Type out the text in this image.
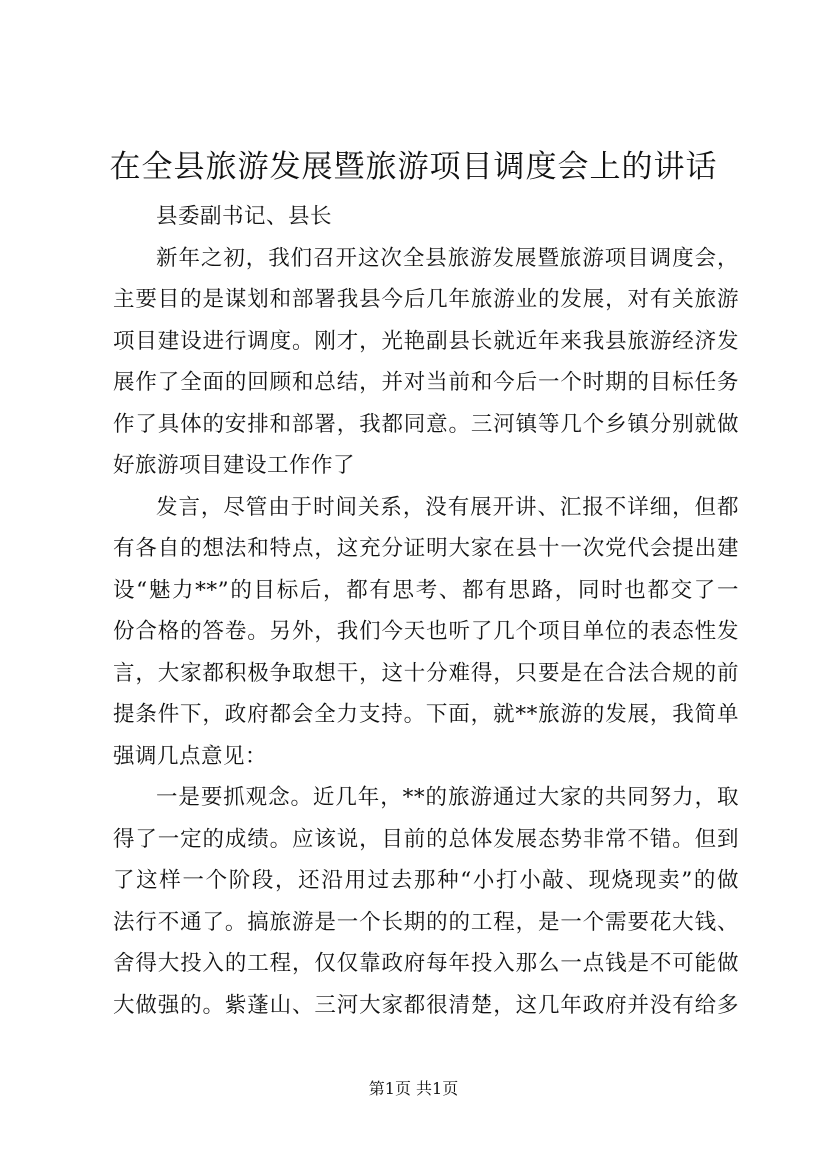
在全县旅游发展暨旅游项目调度会上的讲话
县委副书记、县长
新年之初，我们召开这次全县旅游发展暨旅游项目调度会，
主要目的是谋划和部署我县今后几年旅游业的发展，对有关旅游
项目建设进行调度。刚才，光艳副县长就近年来我县旅游经济发
展作了全面的回顾和总结，并对当前和今后一个时期的目标任务
作了具体的安排和部署，我都同意。三河镇等几个乡镇分别就做
好旅游项目建设工作作了
发言，尽管由于时间关系，没有展开讲、汇报不详细，但都
有各自的想法和特点，这充分证明大家在县十一次党代会提出建
设“魅力**”的目标后，都有思考、都有思路，同时也都交了一
份合格的答卷。另外，我们今天也听了几个项目单位的表态性发
言，大家都积极争取想干，这十分难得，只要是在合法合规的前
提条件下，政府都会全力支持。下面，就**旅游的发展，我简单
强调几点意见：
一是要抓观念。近几年，**的旅游通过大家的共同努力，取
得了一定的成绩。应该说，目前的总体发展态势非常不错。但到
了这样一个阶段，还沿用过去那种“小打小敲、现烧现卖”的做
法行不通了。搞旅游是一个长期的的工程，是一个需要花大钱、
舍得大投入的工程，仅仅靠政府每年投入那么一点钱是不可能做
大做强的。紫蓬山、三河大家都很清楚，这几年政府并没有给多
第1页 共1页
